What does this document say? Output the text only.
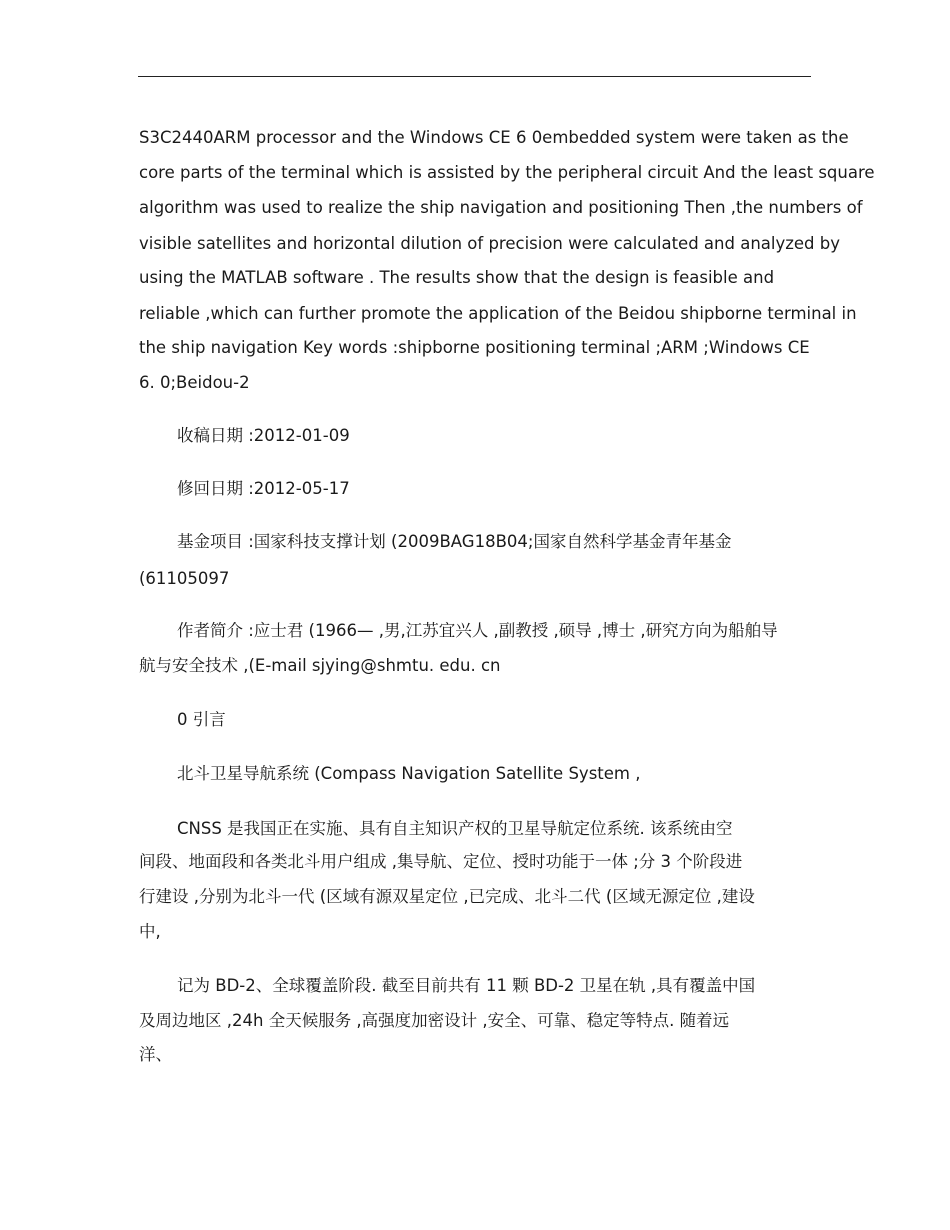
S3C2440ARM processor and the Windows CE 6 0embedded system were taken as the
core parts of the terminal which is assisted by the peripheral circuit And the least square
algorithm was used to realize the ship navigation and positioning Then ,the numbers of
visible satellites and horizontal dilution of precision were calculated and analyzed by
using the MATLAB software . The results show that the design is feasible and
reliable ,which can further promote the application of the Beidou shipborne terminal in
the ship navigation Key words :shipborne positioning terminal ;ARM ;Windows CE
6. 0;Beidou-2
收稿日期 :2012-01-09
修回日期 :2012-05-17
基金项目 :国家科技支撑计划 (2009BAG18B04;国家自然科学基金青年基金
(61105097
作者简介 :应士君 (1966— ,男,江苏宜兴人 ,副教授 ,硕导 ,博士 ,研究方向为船舶导
航与安全技术 ,(E-mail sjying@shmtu. edu. cn
0 引言
北斗卫星导航系统 (Compass Navigation Satellite System ,
CNSS 是我国正在实施、具有自主知识产权的卫星导航定位系统. 该系统由空
间段、地面段和各类北斗用户组成 ,集导航、定位、授时功能于一体 ;分 3 个阶段进
行建设 ,分别为北斗一代 (区域有源双星定位 ,已完成、北斗二代 (区域无源定位 ,建设
中,
记为 BD-2、全球覆盖阶段. 截至目前共有 11 颗 BD-2 卫星在轨 ,具有覆盖中国
及周边地区 ,24h 全天候服务 ,高强度加密设计 ,安全、可靠、稳定等特点. 随着远
洋、
